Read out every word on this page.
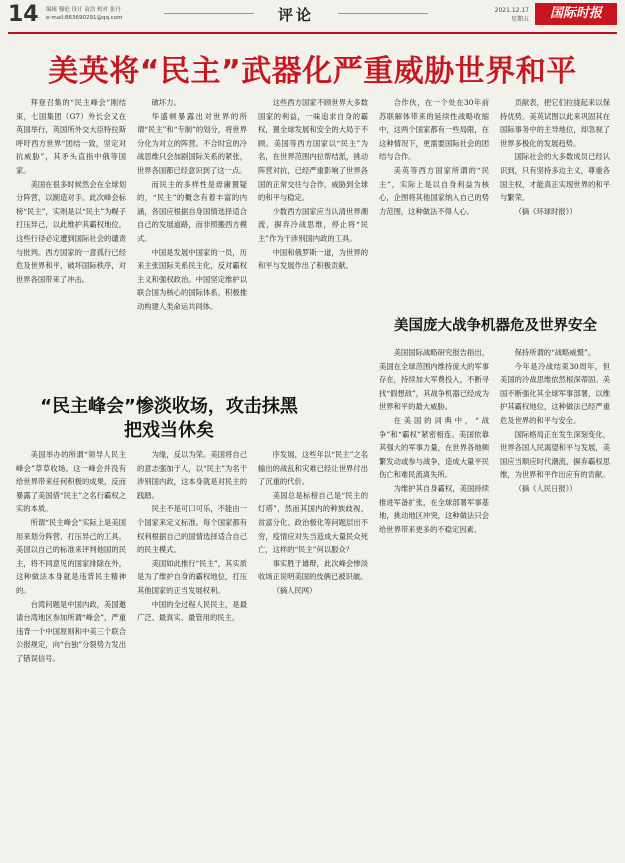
14 编辑 穆伦 设计 袁浩 校对 张丹
e-mail:863690291@qq.com	评论	2021.12.17
星期五	国际时报
美英将“民主”武器化严重威胁世界和平

拜登召集的“民主峰会”刚结束，七国集团（G7）外长会又在英国举行，英国所外交大臣特拉斯呼吁西方世界“团结一致，坚定对抗威胁”，其矛头直指中俄等国家。

美国在很多时候然会在全球划分阵营，以制造对手。此次峰会标榜“民主”，实则是以“民主”为幌子打压异己，以此维护其霸权地位，这些行径必定遭到国际社会的谴责与批判。西方国家的一意孤行已经危及世界和平，破坏国际秩序，对世界各国带来了冲击。

破坏力。

华盛顿暴露出对世界的所谓“民主”和“专制”的划分，将世界分化为对立的阵营。不合时宜的冷战思维只会加剧国际关系的紧张，世界各国都已经意识到了这一点。

而民主的多样性是毋庸置疑的，“民主”的概念有着丰富的内涵，各国应根据自身国情选择适合自己的发展道路，而非照搬西方模式。

中国是发展中国家的一员，历来主张国际关系民主化，反对霸权主义和强权政治。中国坚定维护以联合国为核心的国际体系，积极推动构建人类命运共同体。

这些西方国家不顾世界大多数国家的利益，一味追求自身的霸权，置全球发展和安全的大局于不顾。美国等西方国家以“民主”为名，在世界范围内拉帮结派，挑动阵营对抗，已经严重影响了世界各国的正常交往与合作，威胁到全球的和平与稳定。

少数西方国家应当认清世界潮流，摒弃冷战思维，停止将“民主”作为干涉别国内政的工具。

中国和俄罗斯一道，为世界的和平与发展作出了积极贡献。

合作伙，在一个处在30年前苏联解体带来的延续性战略收缩中，这两个国家都有一些局限，在这种情况下，更需要国际社会的团结与合作。

美英等西方国家所谓的“民主”，实际上是以自身利益为核心，企图将其他国家纳入自己的势力范围，这种做法不得人心。

贡献表，把它们拉拢起来以保持优势。美英试图以此来巩固其在国际事务中的主导地位，却忽视了世界多极化的发展趋势。

国际社会的大多数成员已经认识到，只有坚持多边主义，尊重各国主权，才能真正实现世界的和平与繁荣。

（摘《环球时报》）

美国举办的所谓“领导人民主峰会”草草收场。这一峰会并没有给世界带来任何积极的成果，反而暴露了美国借“民主”之名行霸权之实的本质。

所谓“民主峰会”实际上是美国用来划分阵营、打压异己的工具。美国以自己的标准来评判他国的民主，将不同意见的国家排除在外，这种做法本身就是违背民主精神的。

台湾问题是中国内政，美国邀请台湾地区参加所谓“峰会”，严重违背一个中国原则和中美三个联合公报规定，向“台独”分裂势力发出了错误信号。

“民主峰会”惨淡收场，攻击抹黑把戏当休矣

为缘，反以为荣。美国将自己的意志强加于人，以“民主”为名干涉别国内政，这本身就是对民主的践踏。

民主不是可口可乐，不能由一个国家来定义标准。每个国家都有权利根据自己的国情选择适合自己的民主模式。

美国如此推行“民主”，其实质是为了维护自身的霸权地位，打压其他国家的正当发展权利。

中国的全过程人民民主，是最广泛、最真实、最管用的民主。

序发展，这些年以“民主”之名输出的战乱和灾难已经让世界付出了沉重的代价。

美国总是标榜自己是“民主的灯塔”，然而其国内的种族歧视、贫富分化、政治极化等问题层出不穷，疫情应对失当造成大量民众死亡，这样的“民主”何以服众？

事实胜于雄辩，此次峰会惨淡收场正说明美国的伎俩已被识破。

（摘人民网）

美国庞大战争机器危及世界安全

美国国际战略研究报告指出，美国在全球范围内维持庞大的军事存在，持续加大军费投入，不断寻找“假想敌”，其战争机器已经成为世界和平的最大威胁。

在美国的词典中，“战争”和“霸权”紧密相连。美国依靠其强大的军事力量，在世界各地频繁发动或参与战争，造成大量平民伤亡和难民流离失所。

为维护其自身霸权，美国持续推进军备扩张，在全球部署军事基地，挑动地区冲突，这种做法只会给世界带来更多的不稳定因素。

保持所谓的“战略威慑”。

今年是冷战结束30周年，但美国的冷战思维依然根深蒂固。美国不断强化其全球军事部署，以维护其霸权地位，这种做法已经严重危及世界的和平与安全。

国际格局正在发生深刻变化，世界各国人民渴望和平与发展，美国应当顺应时代潮流，摒弃霸权思维，为世界和平作出应有的贡献。

（摘《人民日报》）
